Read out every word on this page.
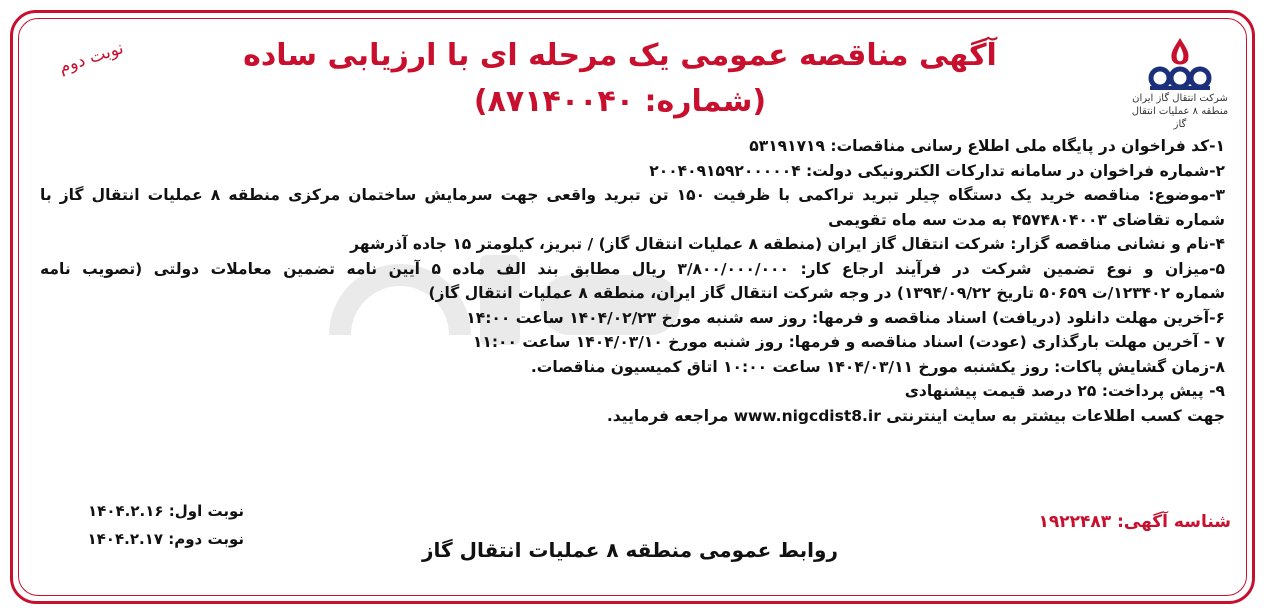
شرکت انتقال گاز ایران
منطقه ۸ عملیات انتقال گاز
نوبت دوم	آگهی مناقصه عمومی یک مرحله ای با ارزیابی ساده
(شماره: ۸۷۱۴۰۰۴۰)
۱-کد فراخوان در پایگاه ملی اطلاع رسانی مناقصات: ۵۳۱۹۱۷۱۹
۲-شماره فراخوان در سامانه تدارکات الکترونیکی دولت: ۲۰۰۴۰۹۱۵۹۲۰۰۰۰۰۴
۳-موضوع: مناقصه خرید یک دستگاه چیلر تبرید تراکمی با ظرفیت ۱۵۰ تن تبرید واقعی جهت سرمایش ساختمان مرکزی منطقه ۸ عملیات انتقال گاز با
شماره تقاضای ۴۵۷۴۸۰۴۰۰۳ به مدت سه ماه تقویمی
۴-نام و نشانی مناقصه گزار: شرکت انتقال گاز ایران (منطقه ۸ عملیات انتقال گاز) / تبریز، کیلومتر ۱۵ جاده آذرشهر
۵-میزان و نوع تضمین شرکت در فرآیند ارجاع کار: ۳/۸۰۰/۰۰۰/۰۰۰ ریال مطابق بند الف ماده ۵ آیین نامه تضمین معاملات دولتی (تصویب نامه
شماره ۱۲۳۴۰۲/ت ۵۰۶۵۹ تاریخ ۱۳۹۴/۰۹/۲۲) در وجه شرکت انتقال گاز ایران، منطقه ۸ عملیات انتقال گاز)
۶-آخرین مهلت دانلود (دریافت) اسناد مناقصه و فرمها: روز سه شنبه مورخ ۱۴۰۴/۰۲/۲۳ ساعت ۱۴:۰۰
۷ - آخرین مهلت بارگذاری (عودت) اسناد مناقصه و فرمها: روز شنبه مورخ ۱۴۰۴/۰۳/۱۰ ساعت ۱۱:۰۰
۸-زمان گشایش پاکات: روز یکشنبه مورخ ۱۴۰۴/۰۳/۱۱ ساعت ۱۰:۰۰ اتاق کمیسیون مناقصات.
۹- پیش پرداخت: ۲۵ درصد قیمت پیشنهادی
جهت کسب اطلاعات بیشتر به سایت اینترنتی www.nigcdist8.ir مراجعه فرمایید.
شناسه آگهی: ۱۹۲۲۴۸۳
روابط عمومی منطقه ۸ عملیات انتقال گاز
نوبت اول: ۱۴۰۴.۲.۱۶
نوبت دوم: ۱۴۰۴.۲.۱۷
